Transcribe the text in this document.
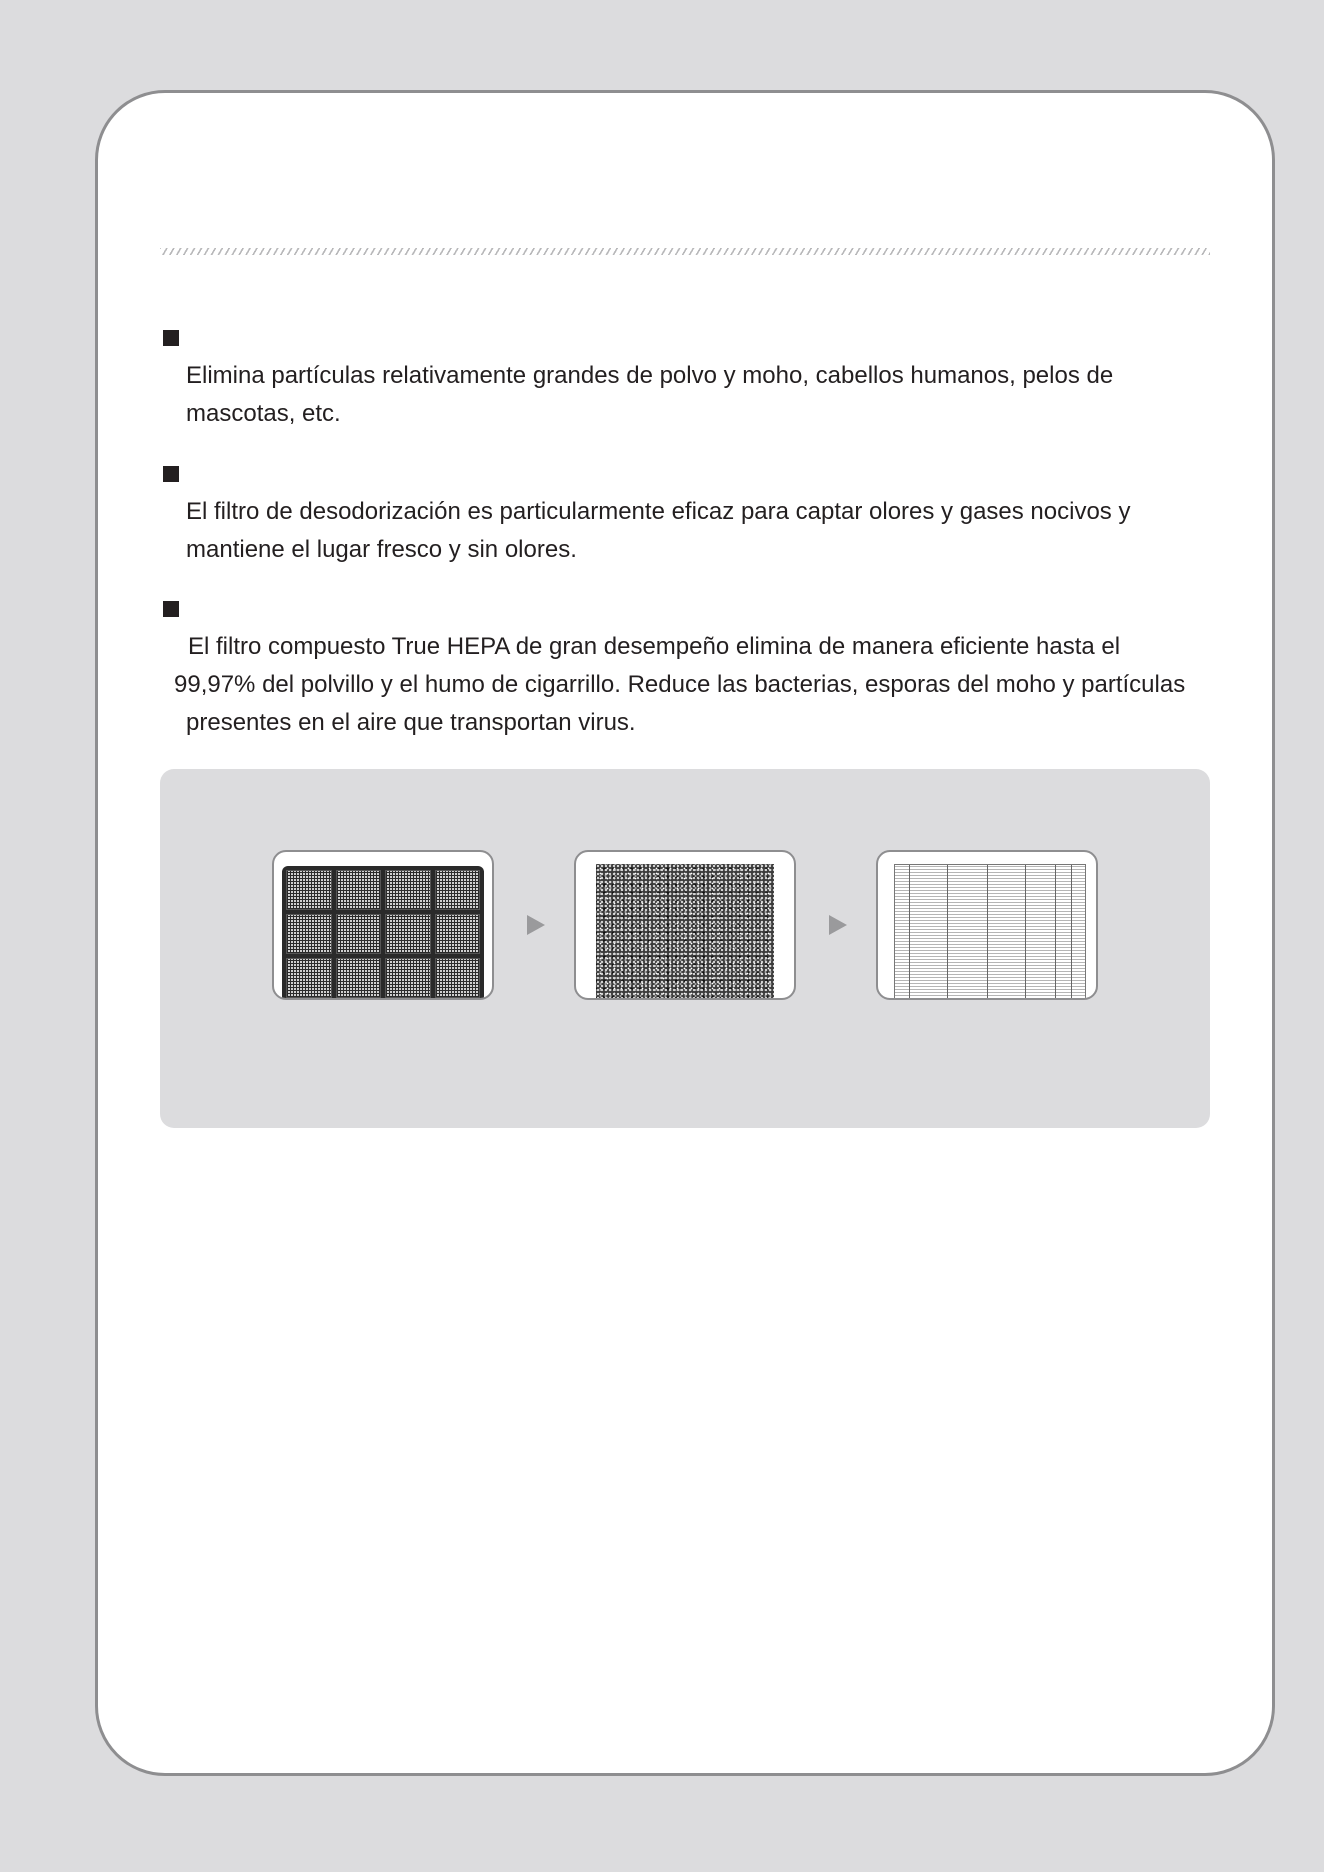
Elimina partículas relativamente grandes de polvo y moho, cabellos humanos, pelos de
mascotas, etc.

El filtro de desodorización es particularmente eficaz para captar olores y gases nocivos y
mantiene el lugar fresco y sin olores.

El filtro compuesto True HEPA de gran desempeño elimina de manera eficiente hasta el
99,97% del polvillo y el humo de cigarrillo. Reduce las bacterias, esporas del moho y partículas
presentes en el aire que transportan virus.
